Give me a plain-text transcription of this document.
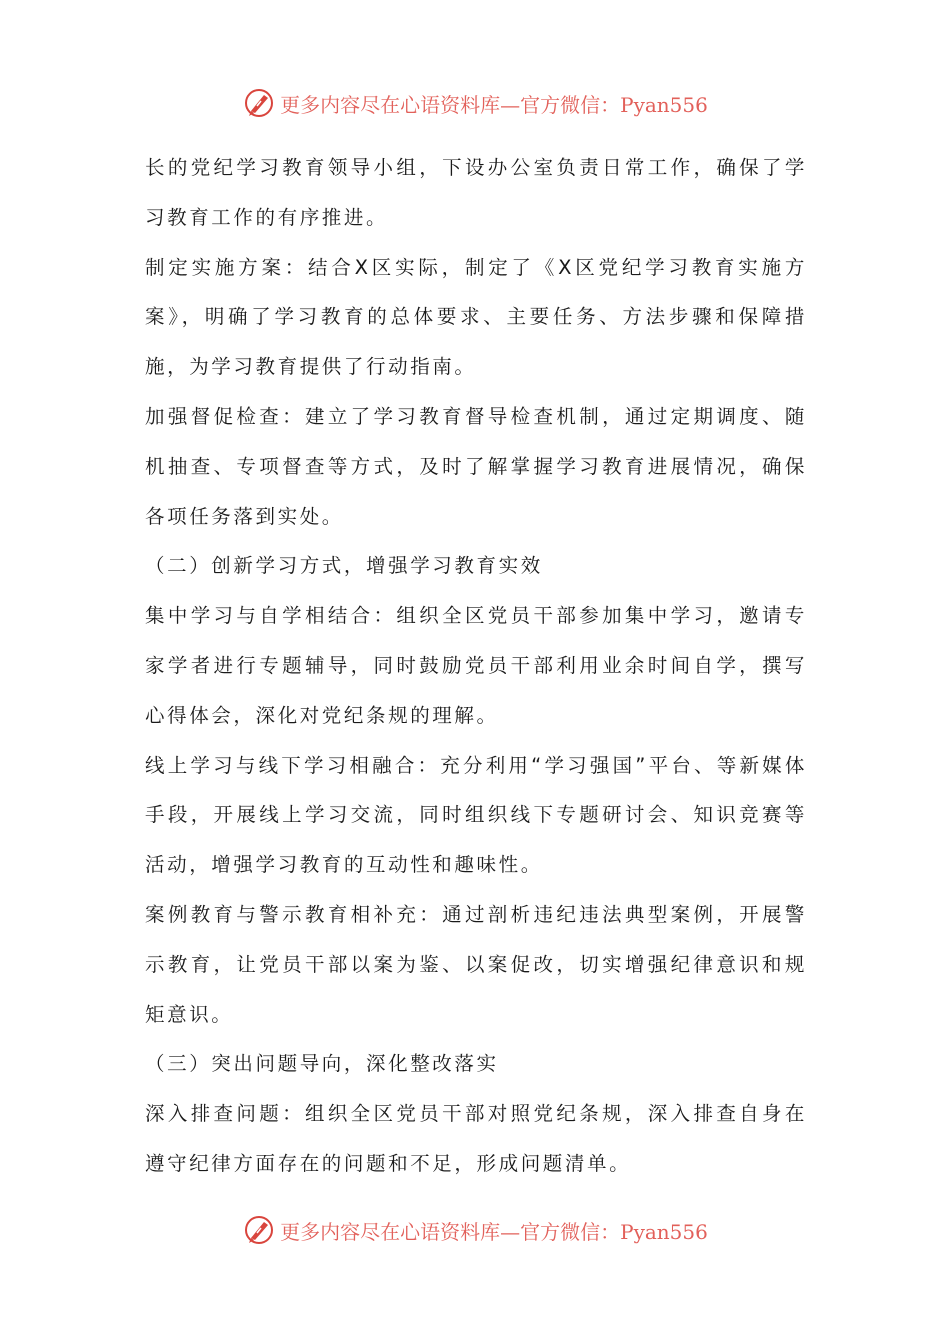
更多内容尽在心语资料库—官方微信：Pyan556

长的党纪学习教育领导小组，下设办公室负责日常工作，确保了学习教育工作的有序推进。

制定实施方案：结合X区实际，制定了《X区党纪学习教育实施方案》，明确了学习教育的总体要求、主要任务、方法步骤和保障措施，为学习教育提供了行动指南。

加强督促检查：建立了学习教育督导检查机制，通过定期调度、随机抽查、专项督查等方式，及时了解掌握学习教育进展情况，确保各项任务落到实处。

（二）创新学习方式，增强学习教育实效

集中学习与自学相结合：组织全区党员干部参加集中学习，邀请专家学者进行专题辅导，同时鼓励党员干部利用业余时间自学，撰写心得体会，深化对党纪条规的理解。

线上学习与线下学习相融合：充分利用“学习强国”平台、等新媒体手段，开展线上学习交流，同时组织线下专题研讨会、知识竞赛等活动，增强学习教育的互动性和趣味性。

案例教育与警示教育相补充：通过剖析违纪违法典型案例，开展警示教育，让党员干部以案为鉴、以案促改，切实增强纪律意识和规矩意识。

（三）突出问题导向，深化整改落实

深入排查问题：组织全区党员干部对照党纪条规，深入排查自身在遵守纪律方面存在的问题和不足，形成问题清单。

更多内容尽在心语资料库—官方微信：Pyan556
